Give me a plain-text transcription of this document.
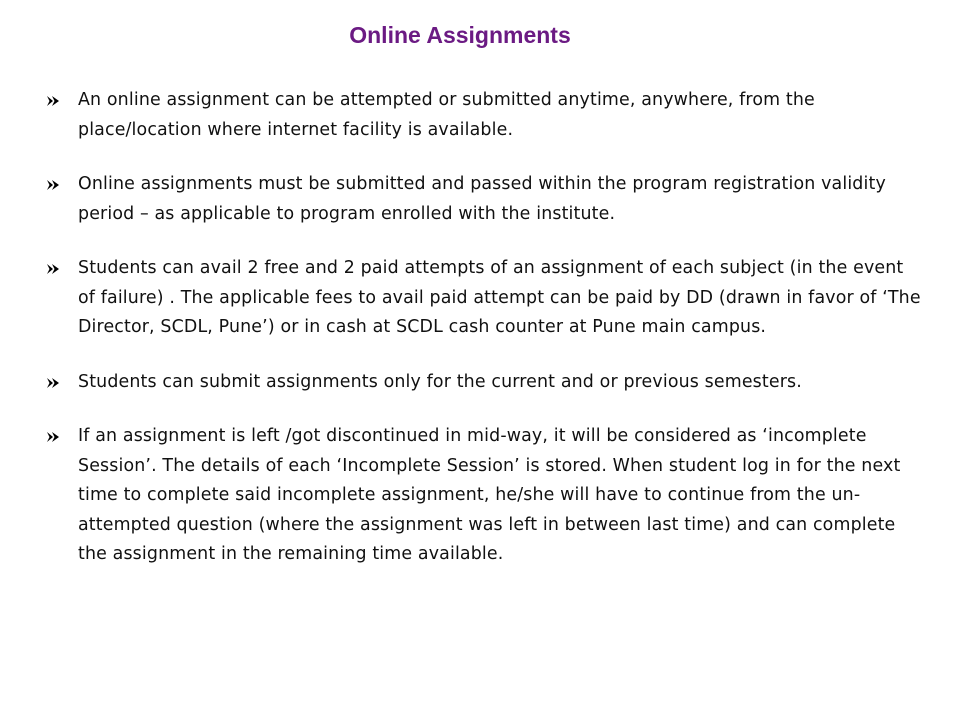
Online Assignments
An online assignment can be attempted or submitted anytime, anywhere, from the place/location where internet facility is available.
Online assignments must be submitted and passed within the program registration validity period – as applicable to program enrolled with the institute.
Students can avail 2 free and 2 paid attempts of an assignment of each subject (in the event of failure) . The applicable fees to avail paid attempt can be paid by DD (drawn in favor of ‘The Director, SCDL, Pune’) or in cash at SCDL cash counter at Pune main campus.
Students can submit assignments only for the current and or previous semesters.
If an assignment is left /got discontinued in mid-way, it will be considered as ‘incomplete Session’. The details of each ‘Incomplete Session’ is stored. When student log in for the next time to complete said incomplete assignment, he/she will have to continue from the un-attempted question (where the assignment was left in between last time) and can complete the assignment in the remaining time available.
